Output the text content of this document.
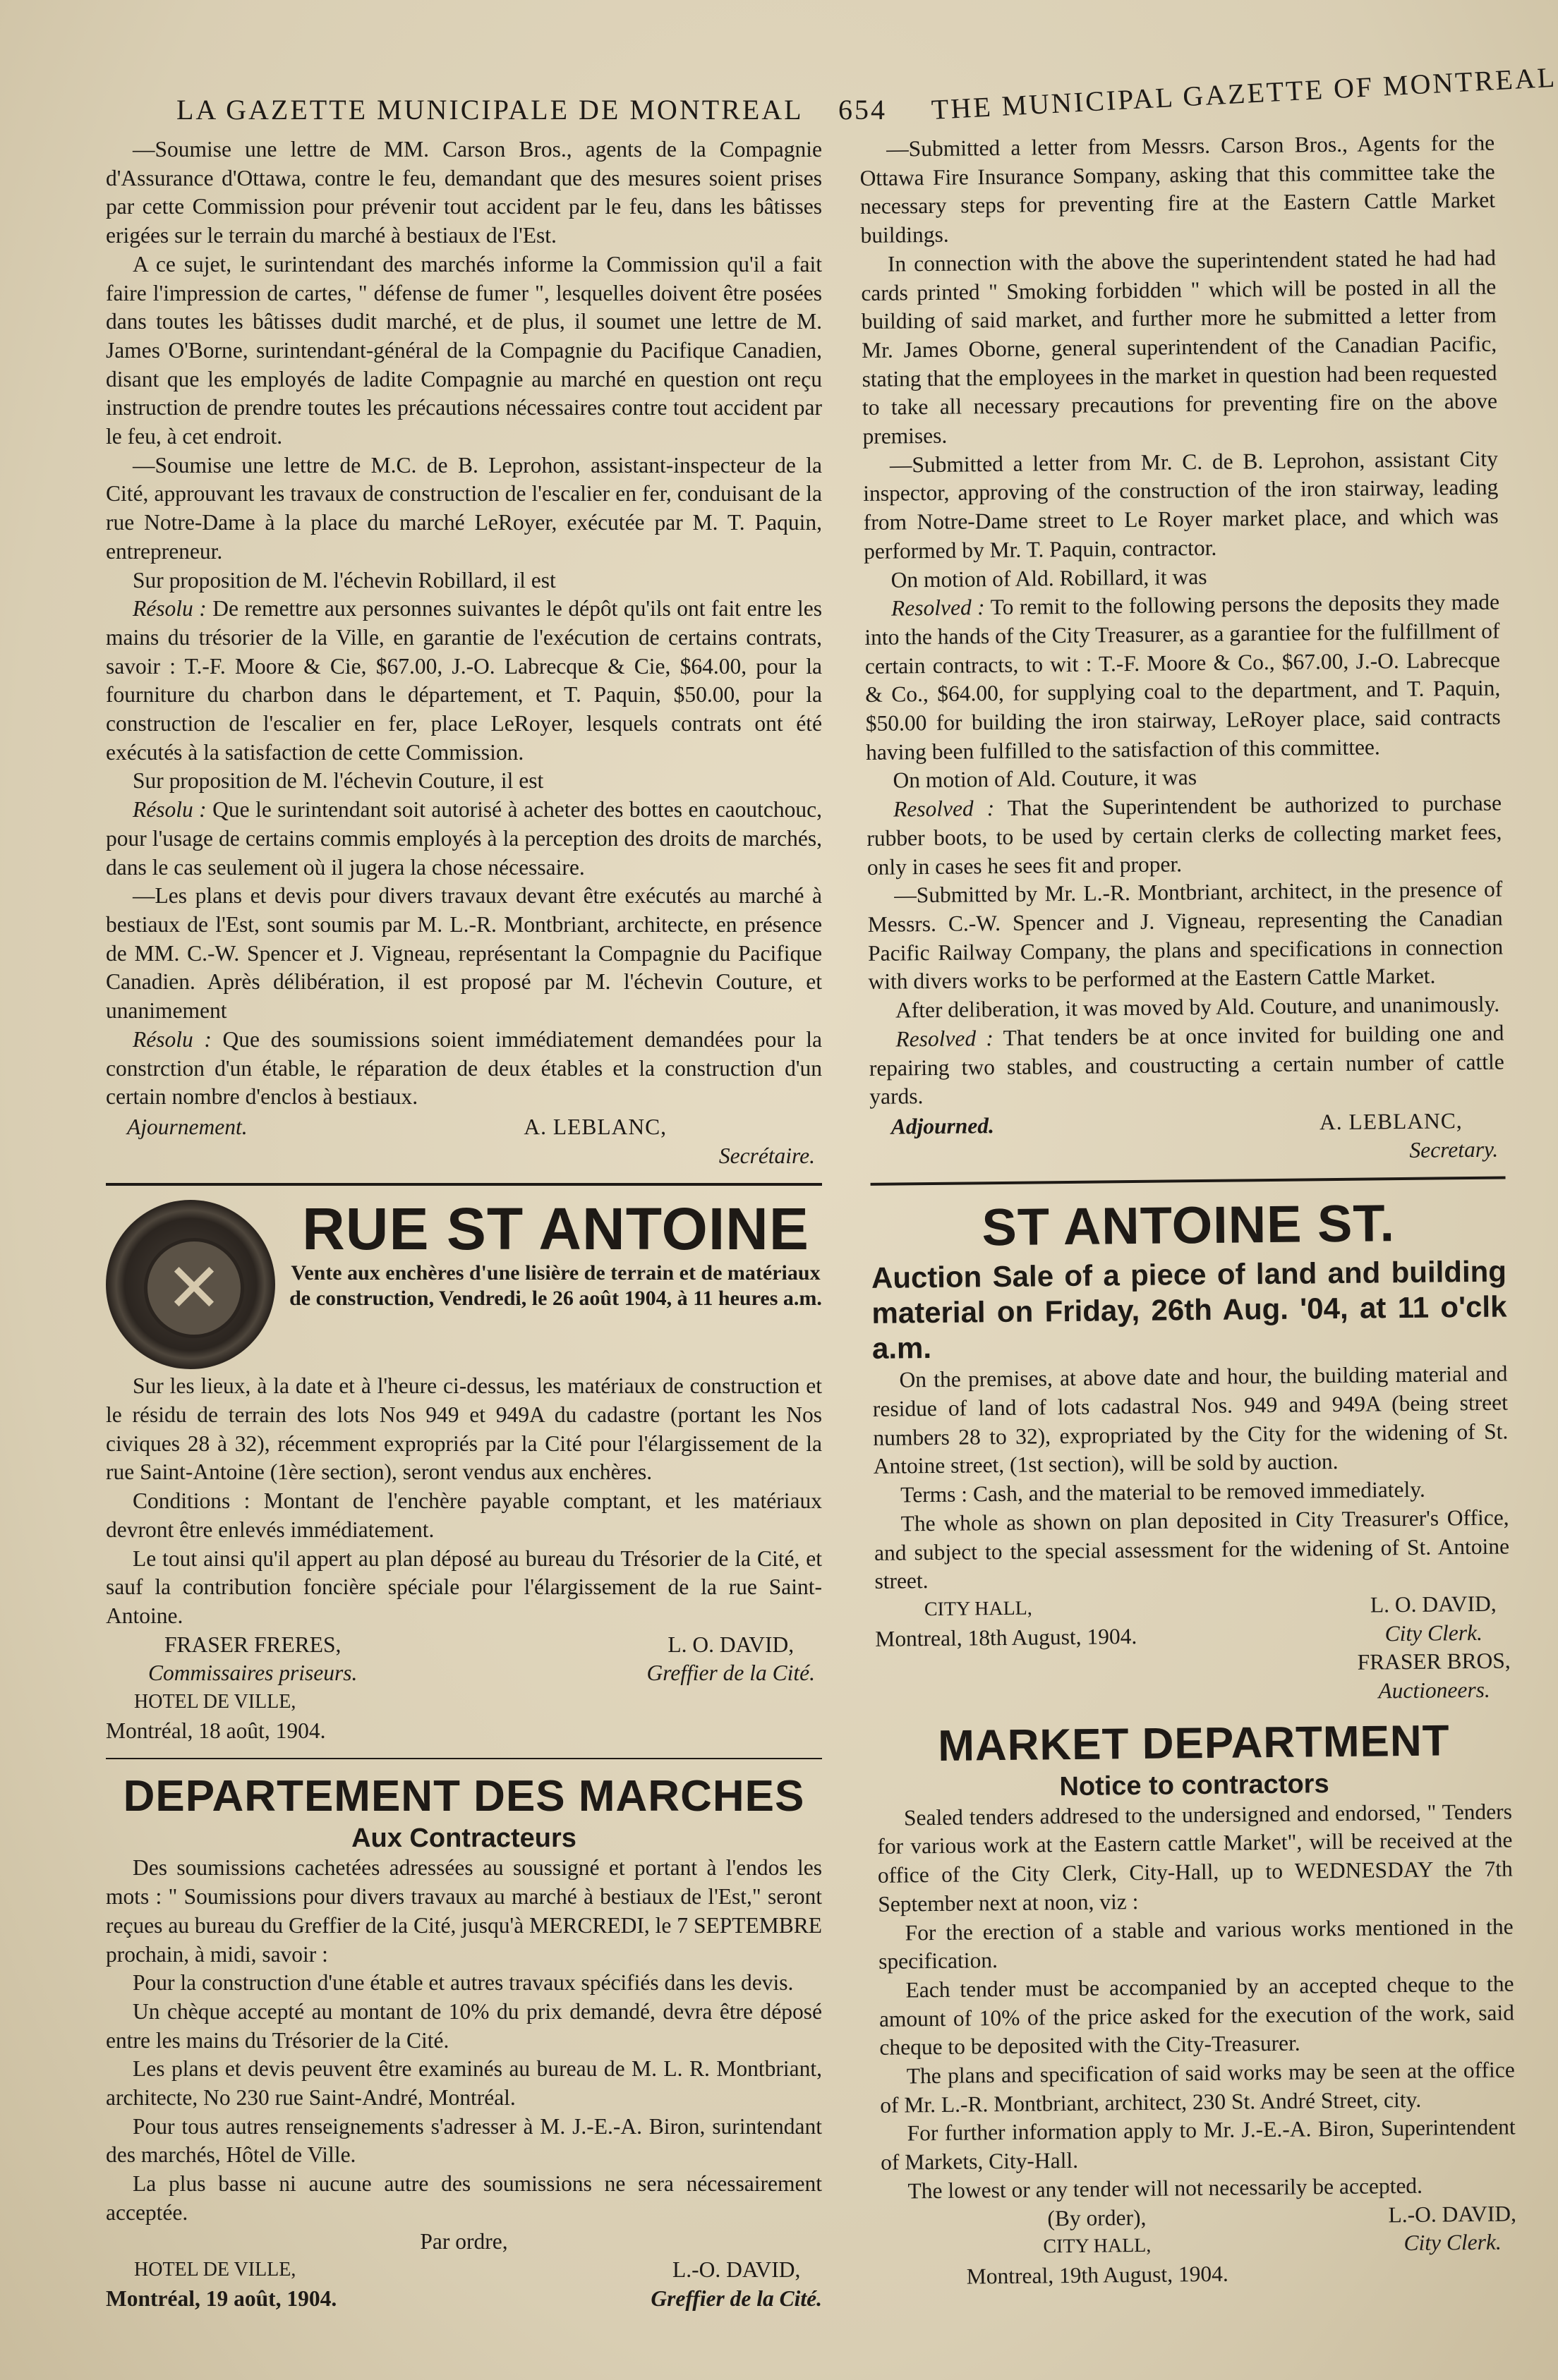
LA GAZETTE MUNICIPALE DE MONTREAL 654 THE MUNICIPAL GAZETTE OF MONTREAL

—Soumise une lettre de MM. Carson Bros., agents de la Compagnie d'Assurance d'Ottawa, contre le feu, demandant que des mesures soient prises par cette Commission pour prévenir tout accident par le feu, dans les bâtisses erigées sur le terrain du marché à bestiaux de l'Est.

A ce sujet, le surintendant des marchés informe la Commission qu'il a fait faire l'impression de cartes, " défense de fumer ", lesquelles doivent être posées dans toutes les bâtisses dudit marché, et de plus, il soumet une lettre de M. James O'Borne, surintendant-général de la Compagnie du Pacifique Canadien, disant que les employés de ladite Compagnie au marché en question ont reçu instruction de prendre toutes les précautions nécessaires contre tout accident par le feu, à cet endroit.

—Soumise une lettre de M.C. de B. Leprohon, assistant-inspecteur de la Cité, approuvant les travaux de construction de l'escalier en fer, conduisant de la rue Notre-Dame à la place du marché LeRoyer, exécutée par M. T. Paquin, entrepreneur.

Sur proposition de M. l'échevin Robillard, il est

Résolu : De remettre aux personnes suivantes le dépôt qu'ils ont fait entre les mains du trésorier de la Ville, en garantie de l'exécution de certains contrats, savoir : T.-F. Moore & Cie, $67.00, J.-O. Labrecque & Cie, $64.00, pour la fourniture du charbon dans le département, et T. Paquin, $50.00, pour la construction de l'escalier en fer, place LeRoyer, lesquels contrats ont été exécutés à la satisfaction de cette Commission.

Sur proposition de M. l'échevin Couture, il est

Résolu : Que le surintendant soit autorisé à acheter des bottes en caoutchouc, pour l'usage de certains commis employés à la perception des droits de marchés, dans le cas seulement où il jugera la chose nécessaire.

—Les plans et devis pour divers travaux devant être exécutés au marché à bestiaux de l'Est, sont soumis par M. L.-R. Montbriant, architecte, en présence de MM. C.-W. Spencer et J. Vigneau, représentant la Compagnie du Pacifique Canadien. Après délibération, il est proposé par M. l'échevin Couture, et unanimement

Résolu : Que des soumissions soient immédiatement demandées pour la constrction d'un étable, le réparation de deux étables et la construction d'un certain nombre d'enclos à bestiaux.

Ajournement.	A. LEBLANC,
Secrétaire.
✕
RUE ST ANTOINE
Vente aux enchères d'une lisière de terrain et de matériaux de construction, Vendredi, le 26 août 1904, à 11 heures a.m.

Sur les lieux, à la date et à l'heure ci-dessus, les matériaux de construction et le résidu de terrain des lots Nos 949 et 949A du cadastre (portant les Nos civiques 28 à 32), récemment expropriés par la Cité pour l'élargissement de la rue Saint-Antoine (1ère section), seront vendus aux enchères.

Conditions : Montant de l'enchère payable comptant, et les matériaux devront être enlevés immédiatement.

Le tout ainsi qu'il appert au plan déposé au bureau du Trésorier de la Cité, et sauf la contribution foncière spéciale pour l'élargissement de la rue Saint-Antoine.

FRASER FRERES,
Commissaires priseurs.
L. O. DAVID,
Greffier de la Cité.
HOTEL DE VILLE,
Montréal, 18 août, 1904.
DEPARTEMENT DES MARCHES
Aux Contracteurs

Des soumissions cachetées adressées au soussigné et portant à l'endos les mots : " Soumissions pour divers travaux au marché à bestiaux de l'Est," seront reçues au bureau du Greffier de la Cité, jusqu'à MERCREDI, le 7 SEPTEMBRE prochain, à midi, savoir :

Pour la construction d'une étable et autres travaux spécifiés dans les devis.

Un chèque accepté au montant de 10% du prix demandé, devra être déposé entre les mains du Trésorier de la Cité.

Les plans et devis peuvent être examinés au bureau de M. L. R. Montbriant, architecte, No 230 rue Saint-André, Montréal.

Pour tous autres renseignements s'adresser à M. J.-E.-A. Biron, surintendant des marchés, Hôtel de Ville.

La plus basse ni aucune autre des soumissions ne sera nécessairement acceptée.

Par ordre,
HOTEL DE VILLE,
Montréal, 19 août, 1904.
L.-O. DAVID,
Greffier de la Cité.

—Submitted a letter from Messrs. Carson Bros., Agents for the Ottawa Fire Insurance Sompany, asking that this committee take the necessary steps for preventing fire at the Eastern Cattle Market buildings.

In connection with the above the superintendent stated he had had cards printed " Smoking forbidden " which will be posted in all the building of said market, and further more he submitted a letter from Mr. James Oborne, general superintendent of the Canadian Pacific, stating that the employees in the market in question had been requested to take all necessary precautions for preventing fire on the above premises.

—Submitted a letter from Mr. C. de B. Leprohon, assistant City inspector, approving of the construction of the iron stairway, leading from Notre-Dame street to Le Royer market place, and which was performed by Mr. T. Paquin, contractor.

On motion of Ald. Robillard, it was

Resolved : To remit to the following persons the deposits they made into the hands of the City Treasurer, as a garantiee for the fulfillment of certain contracts, to wit : T.-F. Moore & Co., $67.00, J.-O. Labrecque & Co., $64.00, for supplying coal to the department, and T. Paquin, $50.00 for building the iron stairway, LeRoyer place, said contracts having been fulfilled to the satisfaction of this committee.

On motion of Ald. Couture, it was

Resolved : That the Superintendent be authorized to purchase rubber boots, to be used by certain clerks de collecting market fees, only in cases he sees fit and proper.

—Submitted by Mr. L.-R. Montbriant, architect, in the presence of Messrs. C.-W. Spencer and J. Vigneau, representing the Canadian Pacific Railway Company, the plans and specifications in connection with divers works to be performed at the Eastern Cattle Market.

After deliberation, it was moved by Ald. Couture, and unanimously.

Resolved : That tenders be at once invited for building one and repairing two stables, and coustructing a certain number of cattle yards.

Adjourned.	A. LEBLANC,
Secretary.
ST ANTOINE ST.
Auction Sale of a piece of land and building material on Friday, 26th Aug. '04, at 11 o'clk a.m.

On the premises, at above date and hour, the building material and residue of land of lots cadastral Nos. 949 and 949A (being street numbers 28 to 32), expropriated by the City for the widening of St. Antoine street, (1st section), will be sold by auction.

Terms : Cash, and the material to be removed immediately.

The whole as shown on plan deposited in City Treasurer's Office, and subject to the special assessment for the widening of St. Antoine street.

CITY HALL,
Montreal, 18th August, 1904.
L. O. DAVID,
City Clerk.
FRASER BROS,
Auctioneers.
MARKET DEPARTMENT
Notice to contractors

Sealed tenders addresed to the undersigned and endorsed, " Tenders for various work at the Eastern cattle Market", will be received at the office of the City Clerk, City-Hall, up to WEDNESDAY the 7th September next at noon, viz :

For the erection of a stable and various works mentioned in the specification.

Each tender must be accompanied by an accepted cheque to the amount of 10% of the price asked for the execution of the work, said cheque to be deposited with the City-Treasurer.

The plans and specification of said works may be seen at the office of Mr. L.-R. Montbriant, architect, 230 St. André Street, city.

For further information apply to Mr. J.-E.-A. Biron, Superintendent of Markets, City-Hall.

The lowest or any tender will not necessarily be accepted.

(By order),
CITY HALL,
Montreal, 19th August, 1904.
L.-O. DAVID,
City Clerk.
